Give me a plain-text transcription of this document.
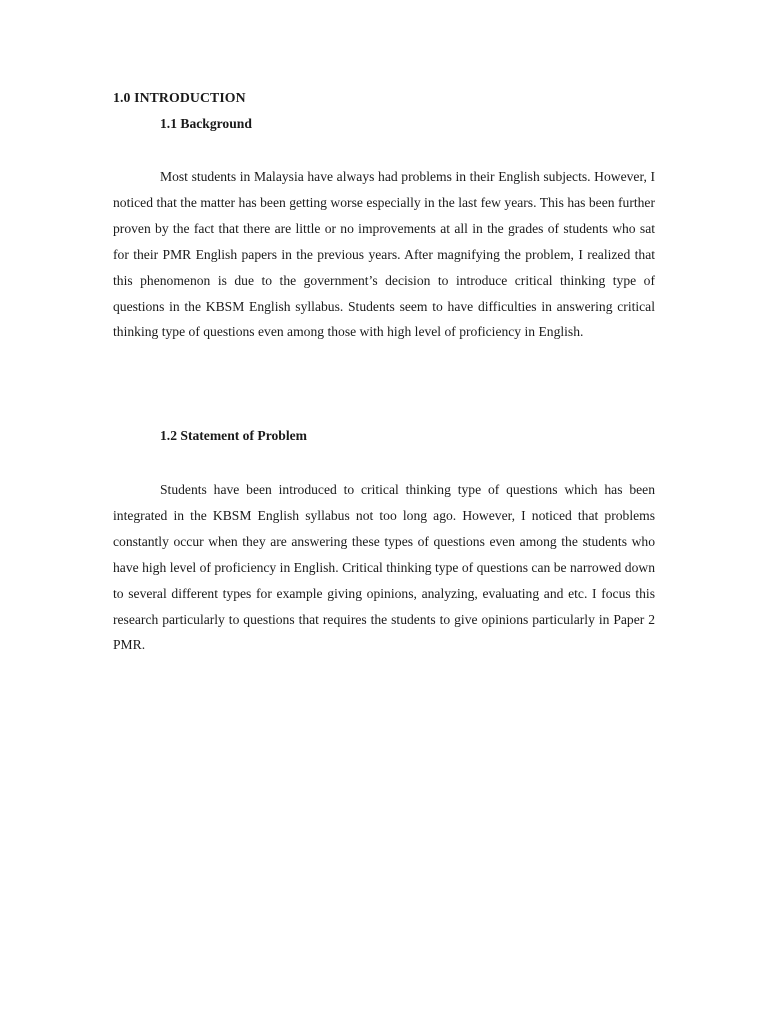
1.0 INTRODUCTION
1.1 Background

Most students in Malaysia have always had problems in their English subjects. However, I noticed that the matter has been getting worse especially in the last few years. This has been further proven by the fact that there are little or no improvements at all in the grades of students who sat for their PMR English papers in the previous years. After magnifying the problem, I realized that this phenomenon is due to the government’s decision to introduce critical thinking type of questions in the KBSM English syllabus. Students seem to have difficulties in answering critical thinking type of questions even among those with high level of proficiency in English.

1.2 Statement of Problem

Students have been introduced to critical thinking type of questions which has been integrated in the KBSM English syllabus not too long ago. However, I noticed that problems constantly occur when they are answering these types of questions even among the students who have high level of proficiency in English. Critical thinking type of questions can be narrowed down to several different types for example giving opinions, analyzing, evaluating and etc. I focus this research particularly to questions that requires the students to give opinions particularly in Paper 2 PMR.
